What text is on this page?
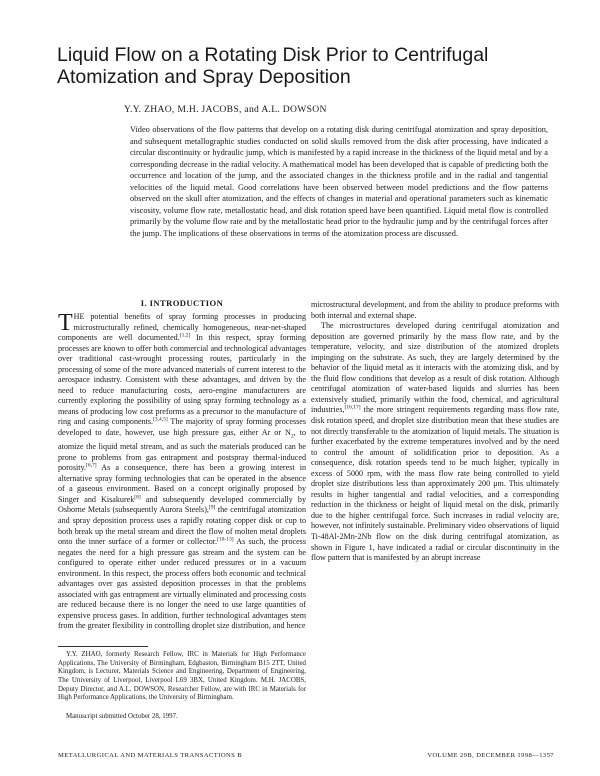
Liquid Flow on a Rotating Disk Prior to Centrifugal Atomization and Spray Deposition
Y.Y. ZHAO, M.H. JACOBS, and A.L. DOWSON

Video observations of the flow patterns that develop on a rotating disk during centrifugal atomization and spray deposition, and subsequent metallographic studies conducted on solid skulls removed from the disk after processing, have indicated a circular discontinuity or hydraulic jump, which is manifested by a rapid increase in the thickness of the liquid metal and by a corresponding decrease in the radial velocity. A mathematical model has been developed that is capable of predicting both the occurrence and location of the jump, and the associated changes in the thickness profile and in the radial and tangential velocities of the liquid metal. Good correlations have been observed between model predictions and the flow patterns observed on the skull after atomization, and the effects of changes in material and operational parameters such as kinematic viscosity, volume flow rate, metallostatic head, and disk rotation speed have been quantified. Liquid metal flow is controlled primarily by the volume flow rate and by the metallostatic head prior to the hydraulic jump and by the centrifugal forces after the jump. The implications of these observations in terms of the atomization process are discussed.

I. INTRODUCTION

THE potential benefits of spray forming processes in producing microstructurally refined, chemically homogeneous, near-net-shaped components are well documented.[1,2] In this respect, spray forming processes are known to offer both commercial and technological advantages over traditional cast-wrought processing routes, particularly in the processing of some of the more advanced materials of current interest to the aerospace industry. Consistent with these advantages, and driven by the need to reduce manufacturing costs, aero-engine manufacturers are currently exploring the possibility of using spray forming technology as a means of producing low cost preforms as a precursor to the manufacture of ring and casing components.[3,4,5] The majority of spray forming processes developed to date, however, use high pressure gas, either Ar or $N_2$, to atomize the liquid metal stream, and as such the materials produced can be prone to problems from gas entrapment and postspray thermal-induced porosity.[6,7] As a consequence, there has been a growing interest in alternative spray forming technologies that can be operated in the absence of a gaseous environment. Based on a concept originally proposed by Singer and Kisakurek[8] and subsequently developed commercially by Osborne Metals (subsequently Aurora Steels),[9] the centrifugal atomization and spray deposition process uses a rapidly rotating copper disk or cup to both break up the metal stream and direct the flow of molten metal droplets onto the inner surface of a former or collector.[10-13] As such, the process negates the need for a high pressure gas stream and the system can be configured to operate either under reduced pressures or in a vacuum environment. In this respect, the process offers both economic and technical advantages over gas assisted deposition processes in that the problems associated with gas entrapment are virtually eliminated and processing costs are reduced because there is no longer the need to use large quantities of expensive process gases. In addition, further technological advantages stem from the greater flexibility in controlling droplet size distribution, and hence

microstructural development, and from the ability to produce preforms with both internal and external shape.

The microstructures developed during centrifugal atomization and deposition are governed primarily by the mass flow rate, and by the temperature, velocity, and size distribution of the atomized droplets impinging on the substrate. As such, they are largely determined by the behavior of the liquid metal as it interacts with the atomizing disk, and by the fluid flow conditions that develop as a result of disk rotation. Although centrifugal atomization of water-based liquids and slurries has been extensively studied, primarily within the food, chemical, and agricultural industries,[16,17] the more stringent requirements regarding mass flow rate, disk rotation speed, and droplet size distribution mean that these studies are not directly transferable to the atomization of liquid metals. The situation is further exacerbated by the extreme temperatures involved and by the need to control the amount of solidification prior to deposition. As a consequence, disk rotation speeds tend to be much higher, typically in excess of 5000 rpm, with the mass flow rate being controlled to yield droplet size distributions less than approximately 200 μm. This ultimately results in higher tangential and radial velocities, and a corresponding reduction in the thickness or height of liquid metal on the disk, primarily due to the higher centrifugal force. Such increases in radial velocity are, however, not infinitely sustainable. Preliminary video observations of liquid Ti-48Al-2Mn-2Nb flow on the disk during centrifugal atomization, as shown in Figure 1, have indicated a radial or circular discontinuity in the flow pattern that is manifested by an abrupt increase

Y.Y. ZHAO, formerly Research Fellow, IRC in Materials for High Performance Applications, The University of Birmingham, Edgbaston, Birmingham B15 2TT, United Kingdom, is Lecturer, Materials Science and Engineering, Department of Engineering, The University of Liverpool, Liverpool L69 3BX, United Kingdom. M.H. JACOBS, Deputy Director, and A.L. DOWSON, Researcher Fellow, are with IRC in Materials for High Performance Applications, the University of Birmingham.

Manuscript submitted October 28, 1997.
METALLURGICAL AND MATERIALS TRANSACTIONS B	VOLUME 29B, DECEMBER 1998—1357
